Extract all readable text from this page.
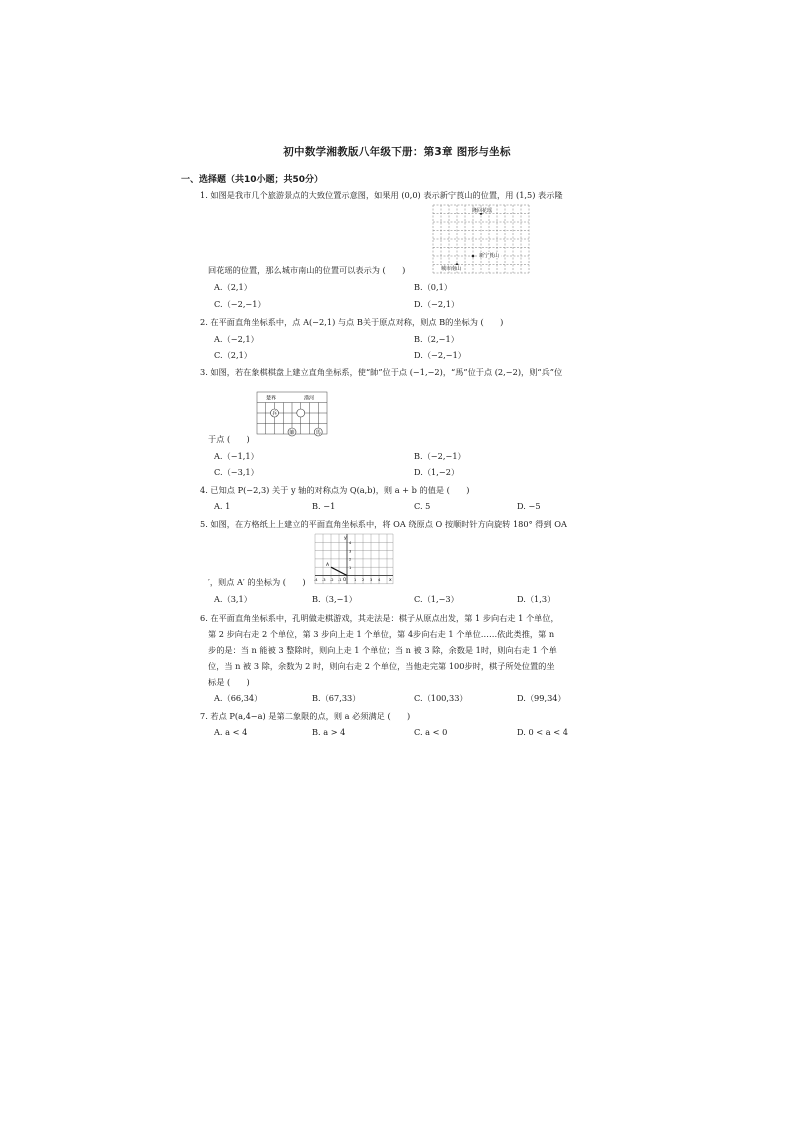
初中数学湘教版八年级下册：第3章 图形与坐标
一、选择题（共10小题；共50分）
1. 如图是我市几个旅游景点的大致位置示意图，如果用 (0,0) 表示新宁莨山的位置，用 (1,5) 表示隆
隆回花瑶
新宁莨山
城市南山
回花瑶的位置，那么城市南山的位置可以表示为 (　　)
A.（2,1）	B.（0,1）
C.（−2,−1）	D.（−2,1）
2. 在平面直角坐标系中，点 A(−2,1) 与点 B关于原点对称，则点 B的坐标为 (　　)
A.（−2,1）	B.（2,−1）
C.（2,1）	D.（−2,−1）
3. 如图，若在象棋棋盘上建立直角坐标系，使“帥”位于点 (−1,−2)，“馬”位于点 (2,−2)，则“兵”位
楚界	漢河
兵
帥	馬
于点 (　　)
A.（−1,1）	B.（−2,−1）
C.（−3,1）	D.（1,−2）
4. 已知点 P(−2,3) 关于 y 轴的对称点为 Q(a,b)，则 a + b 的值是 (　　)
A. 1	B. −1	C. 5	D. −5
5. 如图，在方格纸上上建立的平面直角坐标系中，将 OA 绕原点 O 按顺时针方向旋转 180° 得到 OA
y
x
O
A
4
3
2
1
-4 -3 -2 -1	1 2 3 4
′，则点 A′ 的坐标为 (　　)
A.（3,1）	B.（3,−1）	C.（1,−3）	D.（1,3）
6. 在平面直角坐标系中，孔明做走棋游戏，其走法是：棋子从原点出发，第 1 步向右走 1 个单位，
第 2 步向右走 2 个单位，第 3 步向上走 1 个单位，第 4步向右走 1 个单位……依此类推，第 n
步的是：当 n 能被 3 整除时，则向上走 1 个单位；当 n 被 3 除，余数是 1时，则向右走 1 个单
位，当 n 被 3 除，余数为 2 时，则向右走 2 个单位，当他走完第 100步时，棋子所处位置的坐
标是 (　　)
A.（66,34）	B.（67,33）	C.（100,33）	D.（99,34）
7. 若点 P(a,4−a) 是第二象限的点，则 a 必须满足 (　　)
A. a < 4	B. a > 4	C. a < 0	D. 0 < a < 4
